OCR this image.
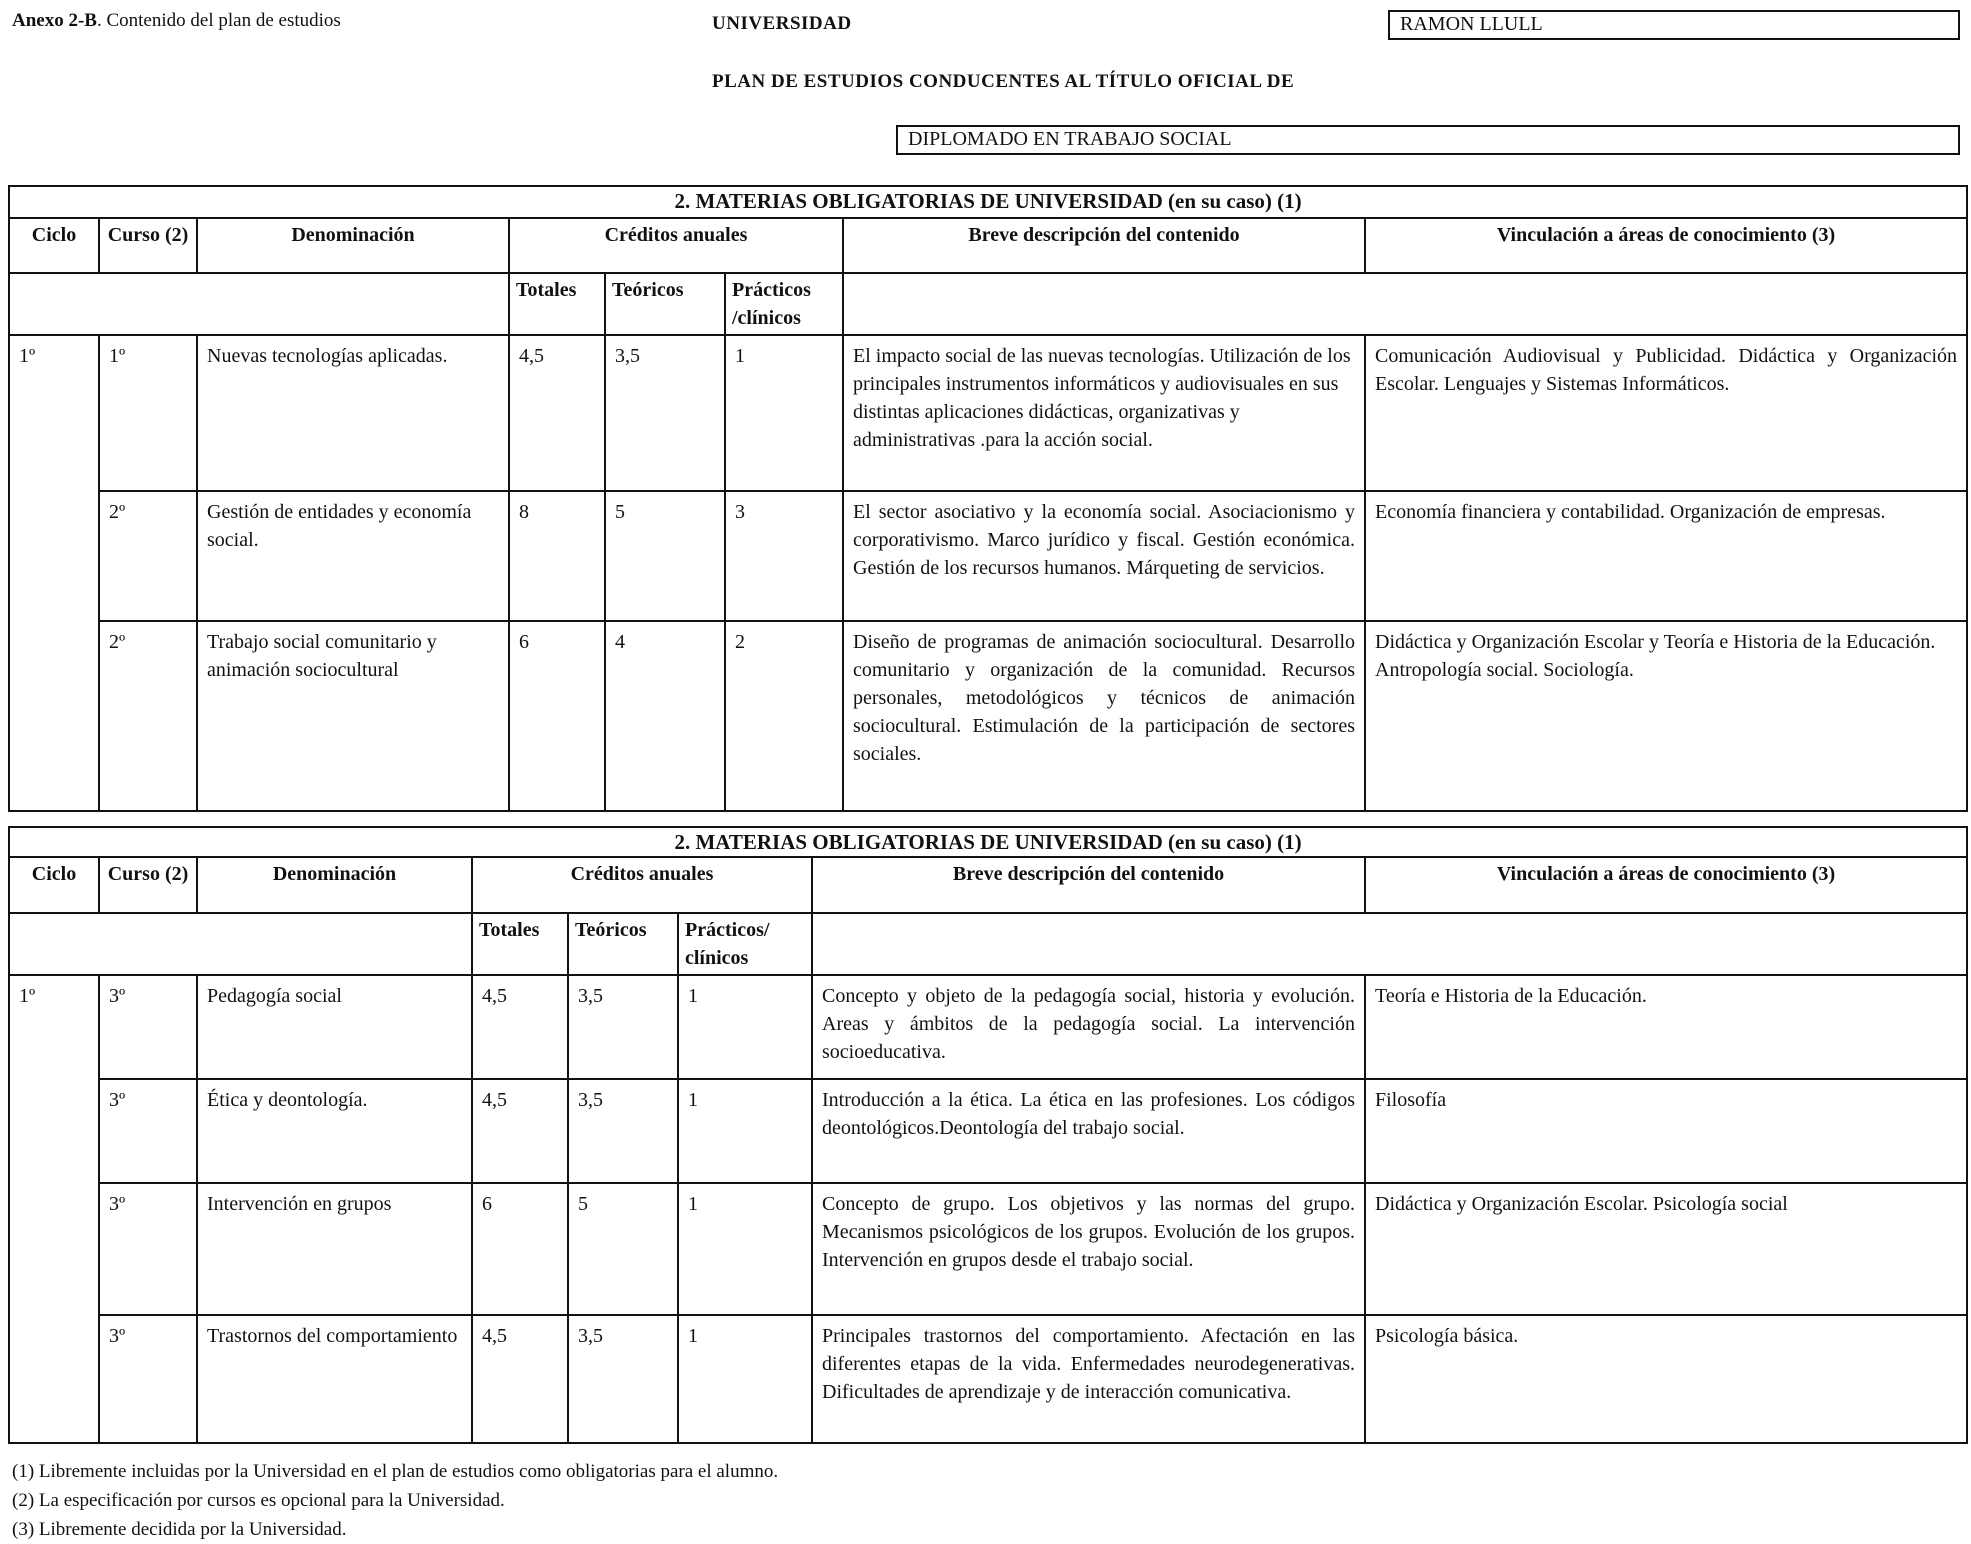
Anexo 2-B. Contenido del plan de estudios	UNIVERSIDAD	RAMON LLULL
PLAN DE ESTUDIOS CONDUCENTES AL TÍTULO OFICIAL DE
DIPLOMADO EN TRABAJO SOCIAL
2. MATERIAS OBLIGATORIAS DE UNIVERSIDAD (en su caso) (1)							
Ciclo	Curso (2)	Denominación	Créditos anuales			Breve descripción del contenido	Vinculación a áreas de conocimiento (3)
			Totales	Teóricos	Prácticos /clínicos		
1º	1º	Nuevas tecnologías aplicadas.	4,5	3,5	1	El impacto social de las nuevas tecnologías. Utilización de los principales instrumentos informáticos y audiovisuales en sus distintas aplicaciones didácticas, organizativas y administrativas .para la acción social.	Comunicación Audiovisual y Publicidad. Didáctica y Organización Escolar. Lenguajes y Sistemas Informáticos.
	2º	Gestión de entidades y economía social.	8	5	3	El sector asociativo y la economía social. Asociacionismo y corporativismo. Marco jurídico y fiscal. Gestión económica. Gestión de los recursos humanos. Márqueting de servicios.	Economía financiera y contabilidad. Organización de empresas.
	2º	Trabajo social comunitario y animación sociocultural	6	4	2	Diseño de programas de animación sociocultural. Desarrollo comunitario y organización de la comunidad. Recursos personales, metodológicos y técnicos de animación sociocultural. Estimulación de la participación de sectores sociales.	Didáctica y Organización Escolar y Teoría e Historia de la Educación. Antropología social. Sociología.
2. MATERIAS OBLIGATORIAS DE UNIVERSIDAD (en su caso) (1)							
Ciclo	Curso (2)	Denominación	Créditos anuales			Breve descripción del contenido	Vinculación a áreas de conocimiento (3)
			Totales	Teóricos	Prácticos/ clínicos		
1º	3º	Pedagogía social	4,5	3,5	1	Concepto y objeto de la pedagogía social, historia y evolución. Areas y ámbitos de la pedagogía social. La intervención socioeducativa.	Teoría e Historia de la Educación.
	3º	Ética y deontología.	4,5	3,5	1	Introducción a la ética. La ética en las profesiones. Los códigos deontológicos.Deontología del trabajo social.	Filosofía
	3º	Intervención en grupos	6	5	1	Concepto de grupo. Los objetivos y las normas del grupo. Mecanismos psicológicos de los grupos. Evolución de los grupos. Intervención en grupos desde el trabajo social.	Didáctica y Organización Escolar. Psicología social
	3º	Trastornos del comportamiento	4,5	3,5	1	Principales trastornos del comportamiento. Afectación en las diferentes etapas de la vida. Enfermedades neurodegenerativas. Dificultades de aprendizaje y de interacción comunicativa.	Psicología básica.
(1) Libremente incluidas por la Universidad en el plan de estudios como obligatorias para el alumno.
(2) La especificación por cursos es opcional para la Universidad.
(3) Libremente decidida por la Universidad.
